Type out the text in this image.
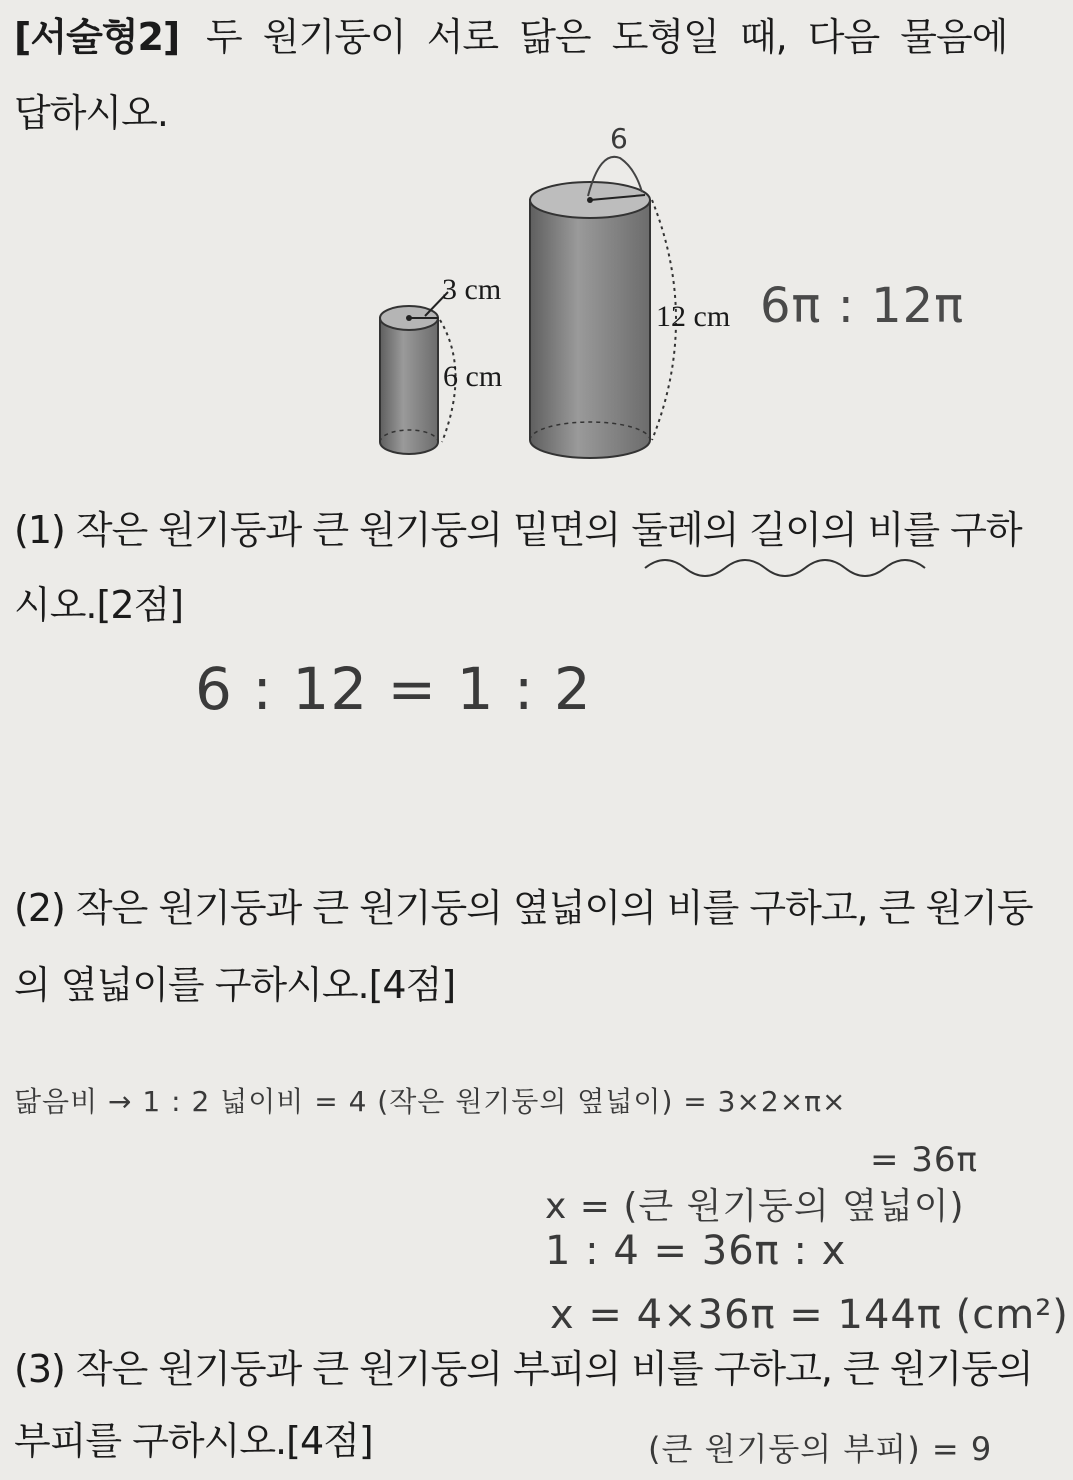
[서술형2] 두 원기둥이 서로 닮은 도형일 때, 다음 물음에
답하시오.
3 cm
6 cm
12 cm
6
6π : 12π
(1) 작은 원기둥과 큰 원기둥의 밑면의 둘레의 길이의 비를 구하
시오.[2점]
6 : 12 = 1 : 2
(2) 작은 원기둥과 큰 원기둥의 옆넓이의 비를 구하고, 큰 원기둥
의 옆넓이를 구하시오.[4점]
닮음비 → 1 : 2 넓이비 = 4 (작은 원기둥의 옆넓이) = 3×2×π×
= 36π
x = (큰 원기둥의 옆넓이)
1 : 4 = 36π : x
x = 4×36π = 144π (cm²)
(3) 작은 원기둥과 큰 원기둥의 부피의 비를 구하고, 큰 원기둥의
부피를 구하시오.[4점]	(큰 원기둥의 부피) = 9
